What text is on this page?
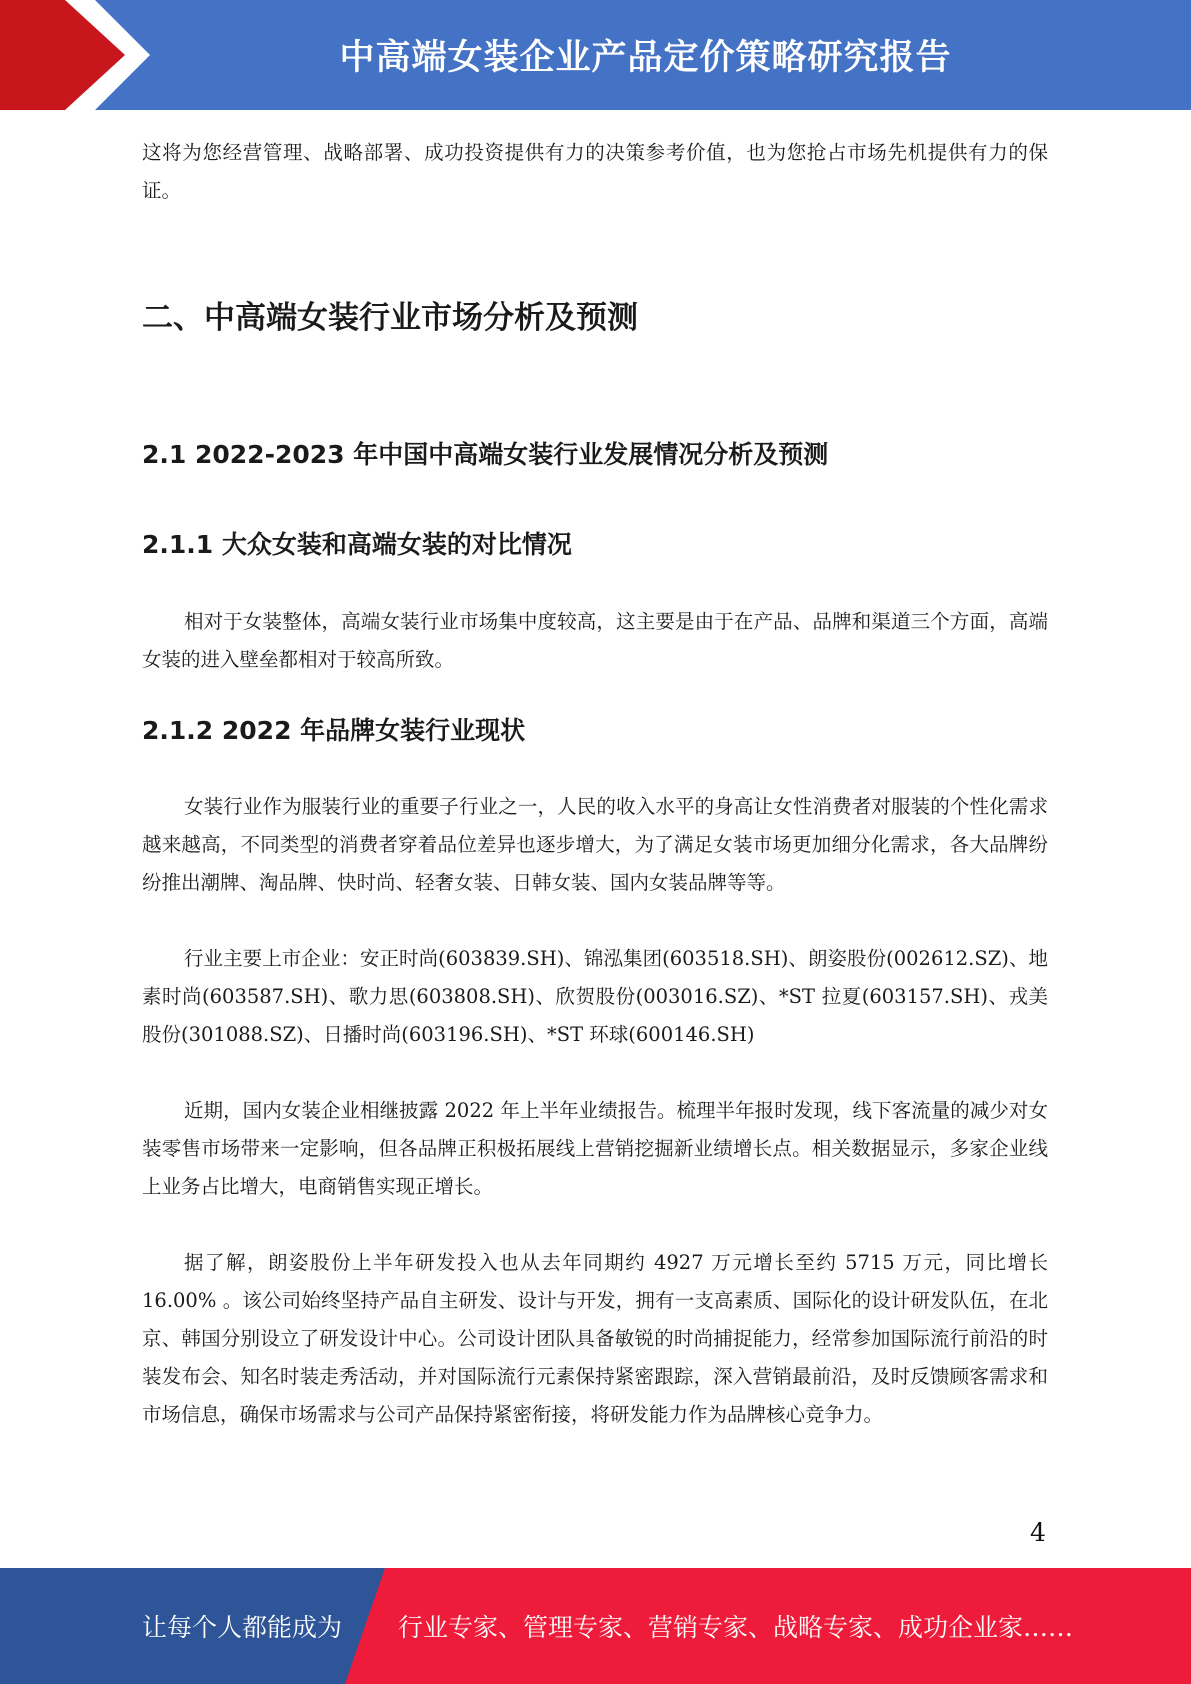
中高端女装企业产品定价策略研究报告

这将为您经营管理、战略部署、成功投资提供有力的决策参考价值，也为您抢占市场先机提供有力的保证。

二、中高端女装行业市场分析及预测
2.1 2022-2023 年中国中高端女装行业发展情况分析及预测
2.1.1 大众女装和高端女装的对比情况

相对于女装整体，高端女装行业市场集中度较高，这主要是由于在产品、品牌和渠道三个方面，高端女装的进入壁垒都相对于较高所致。

2.1.2 2022 年品牌女装行业现状

女装行业作为服装行业的重要子行业之一，人民的收入水平的身高让女性消费者对服装的个性化需求越来越高，不同类型的消费者穿着品位差异也逐步增大，为了满足女装市场更加细分化需求，各大品牌纷纷推出潮牌、淘品牌、快时尚、轻奢女装、日韩女装、国内女装品牌等等。

行业主要上市企业：安正时尚(603839.SH)、锦泓集团(603518.SH)、朗姿股份(002612.SZ)、地素时尚(603587.SH)、歌力思(603808.SH)、欣贺股份(003016.SZ)、*ST 拉夏(603157.SH)、戎美股份(301088.SZ)、日播时尚(603196.SH)、*ST 环球(600146.SH)

近期，国内女装企业相继披露 2022 年上半年业绩报告。梳理半年报时发现，线下客流量的减少对女装零售市场带来一定影响，但各品牌正积极拓展线上营销挖掘新业绩增长点。相关数据显示，多家企业线上业务占比增大，电商销售实现正增长。

据了解，朗姿股份上半年研发投入也从去年同期约 4927 万元增长至约 5715 万元，同比增长16.00% 。该公司始终坚持产品自主研发、设计与开发，拥有一支高素质、国际化的设计研发队伍，在北京、韩国分别设立了研发设计中心。公司设计团队具备敏锐的时尚捕捉能力，经常参加国际流行前沿的时装发布会、知名时装走秀活动，并对国际流行元素保持紧密跟踪，深入营销最前沿，及时反馈顾客需求和市场信息，确保市场需求与公司产品保持紧密衔接，将研发能力作为品牌核心竞争力。

4
让每个人都能成为 行业专家、管理专家、营销专家、战略专家、成功企业家……
